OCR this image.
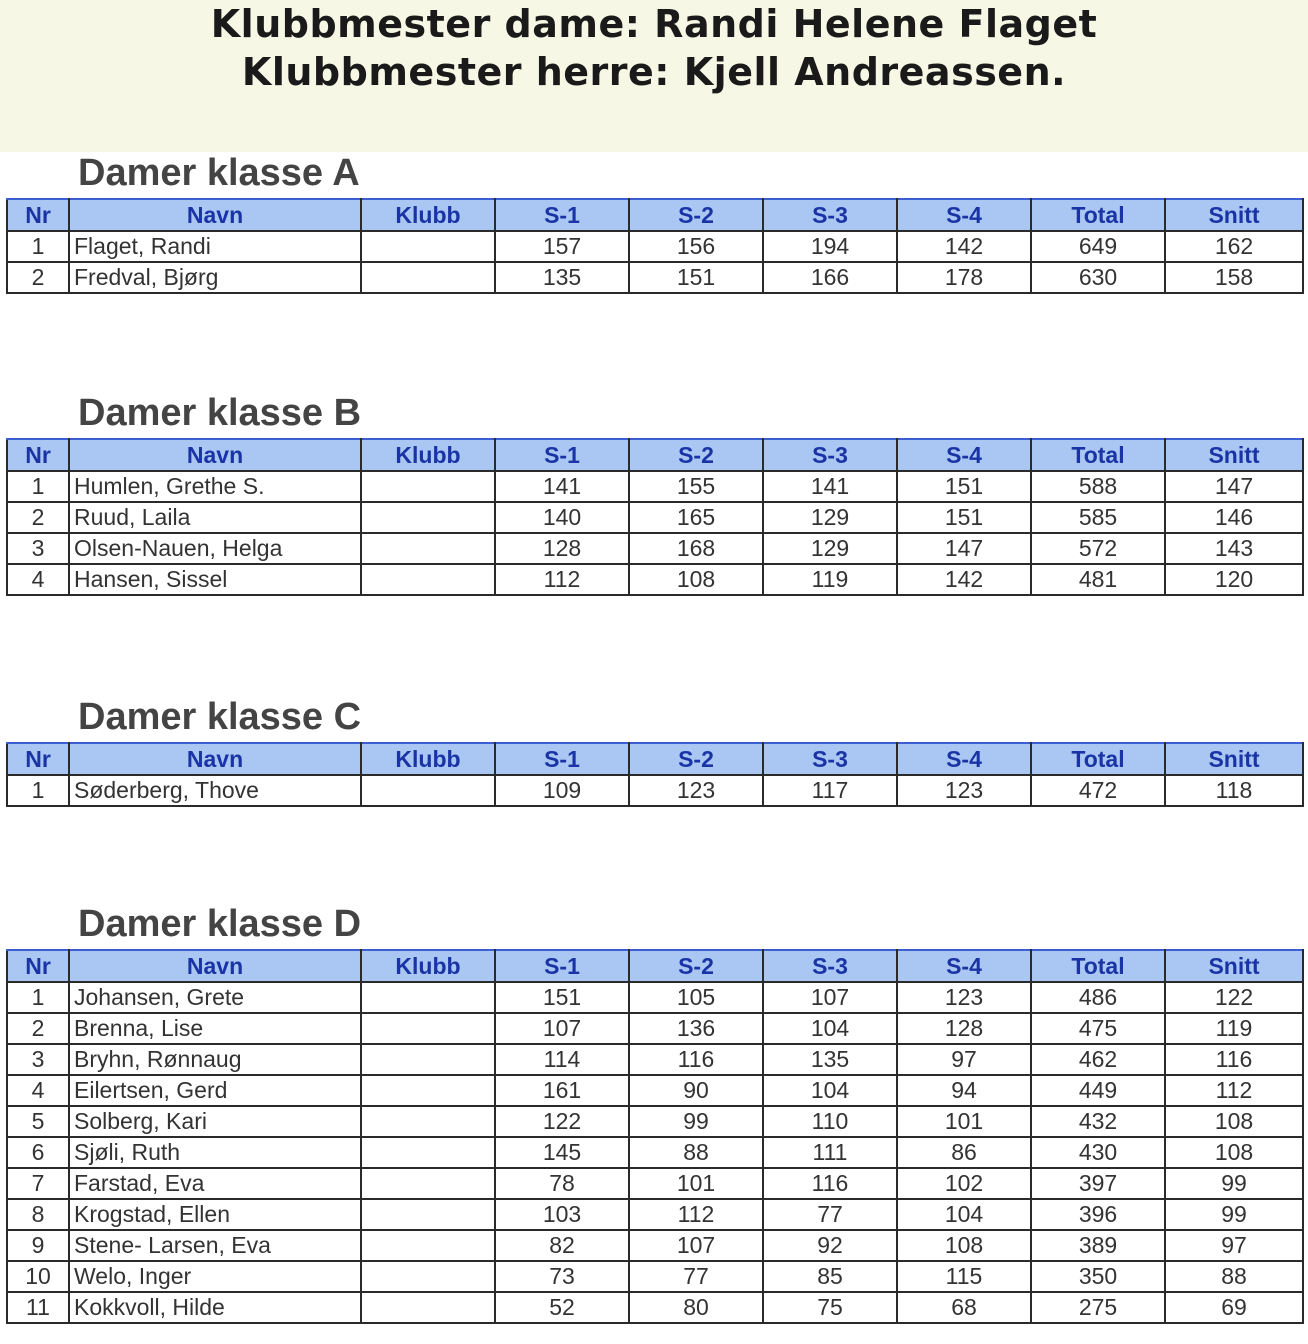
Klubbmester dame: Randi Helene Flaget
Klubbmester herre: Kjell Andreassen.
Damer klasse A
Nr	Navn	Klubb	S-1	S-2	S-3	S-4	Total	Snitt
1	Flaget, Randi		157	156	194	142	649	162
2	Fredval, Bjørg		135	151	166	178	630	158
Damer klasse B
Nr	Navn	Klubb	S-1	S-2	S-3	S-4	Total	Snitt
1	Humlen, Grethe S.		141	155	141	151	588	147
2	Ruud, Laila		140	165	129	151	585	146
3	Olsen-Nauen, Helga		128	168	129	147	572	143
4	Hansen, Sissel		112	108	119	142	481	120
Damer klasse C
Nr	Navn	Klubb	S-1	S-2	S-3	S-4	Total	Snitt
1	Søderberg, Thove		109	123	117	123	472	118
Damer klasse D
Nr	Navn	Klubb	S-1	S-2	S-3	S-4	Total	Snitt
1	Johansen, Grete		151	105	107	123	486	122
2	Brenna, Lise		107	136	104	128	475	119
3	Bryhn, Rønnaug		114	116	135	97	462	116
4	Eilertsen, Gerd		161	90	104	94	449	112
5	Solberg, Kari		122	99	110	101	432	108
6	Sjøli, Ruth		145	88	111	86	430	108
7	Farstad, Eva		78	101	116	102	397	99
8	Krogstad, Ellen		103	112	77	104	396	99
9	Stene- Larsen, Eva		82	107	92	108	389	97
10	Welo, Inger		73	77	85	115	350	88
11	Kokkvoll, Hilde		52	80	75	68	275	69
